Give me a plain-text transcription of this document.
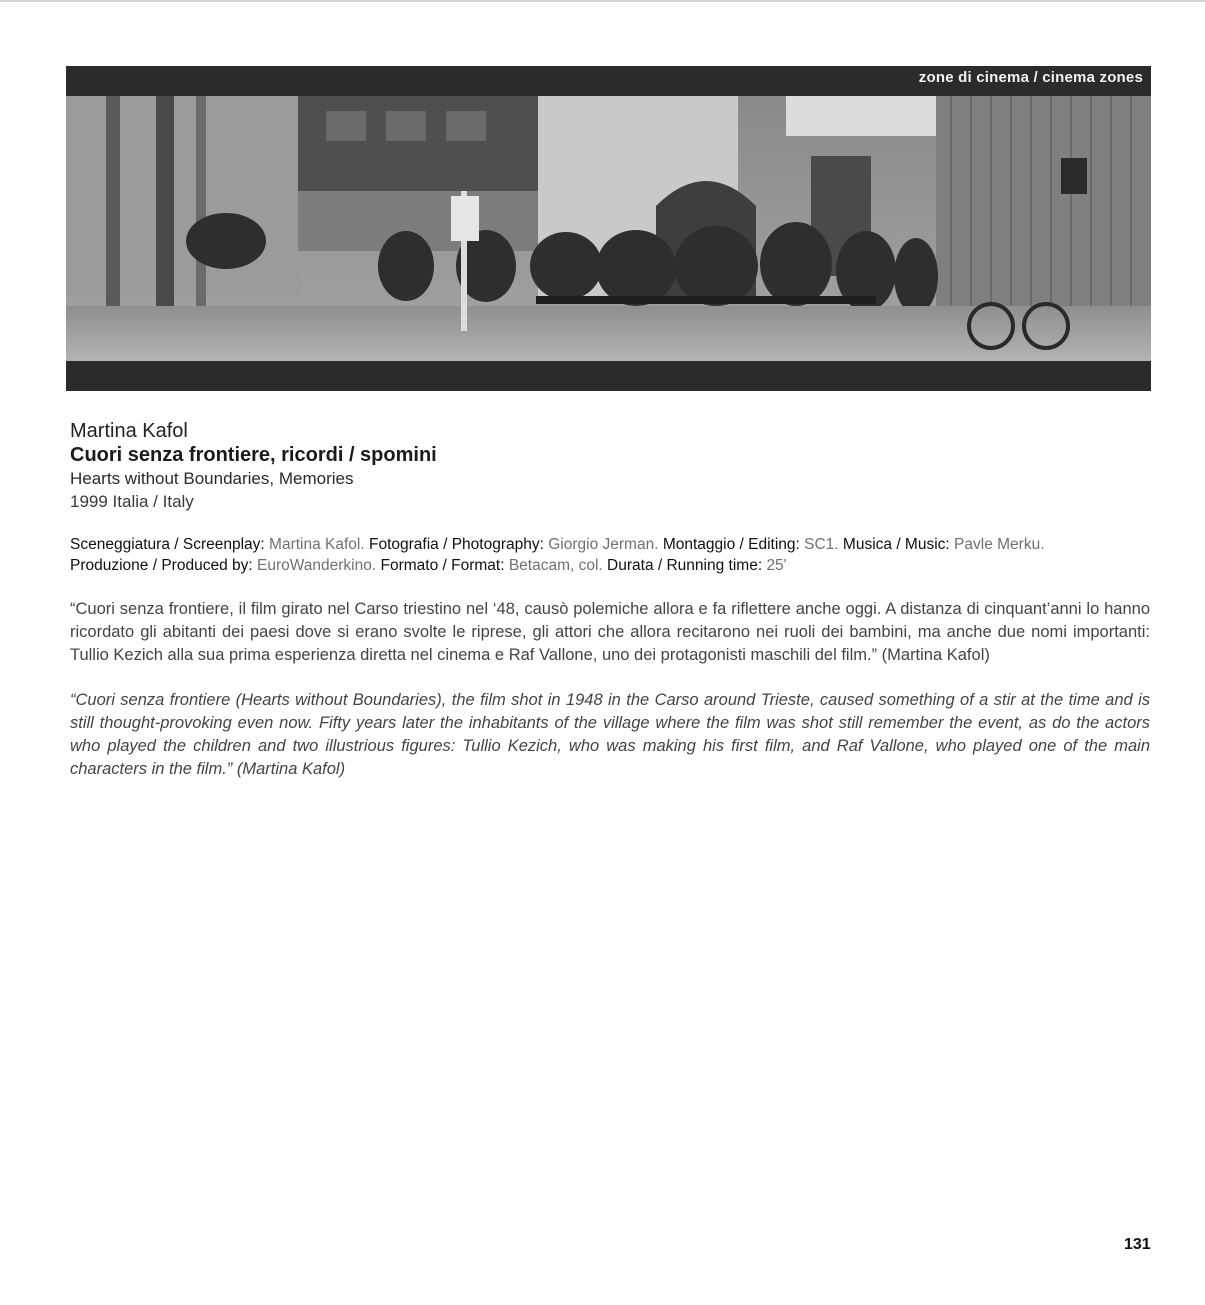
zone di cinema / cinema zones
Martina Kafol
Cuori senza frontiere, ricordi / spomini
Hearts without Boundaries, Memories
1999 Italia / Italy
Sceneggiatura / Screenplay: Martina Kafol. Fotografia / Photography: Giorgio Jerman. Montaggio / Editing: SC1. Musica / Music: Pavle Merku.
Produzione / Produced by: EuroWanderkino. Formato / Format: Betacam, col. Durata / Running time: 25'
“Cuori senza frontiere, il film girato nel Carso triestino nel ‘48, causò polemiche allora e fa riflettere anche oggi. A distanza di cinquant’anni lo hanno ricordato gli abitanti dei paesi dove si erano svolte le riprese, gli attori che allora recitarono nei ruoli dei bambini, ma anche due nomi importanti: Tullio Kezich alla sua prima esperienza diretta nel cinema e Raf Vallone, uno dei protagonisti maschili del film.” (Martina Kafol)
“Cuori senza frontiere (Hearts without Boundaries), the film shot in 1948 in the Carso around Trieste, caused something of a stir at the time and is still thought-provoking even now. Fifty years later the inhabitants of the village where the film was shot still remember the event, as do the actors who played the children and two illustrious figures: Tullio Kezich, who was making his first film, and Raf Vallone, who played one of the main characters in the film.” (Martina Kafol)
131
